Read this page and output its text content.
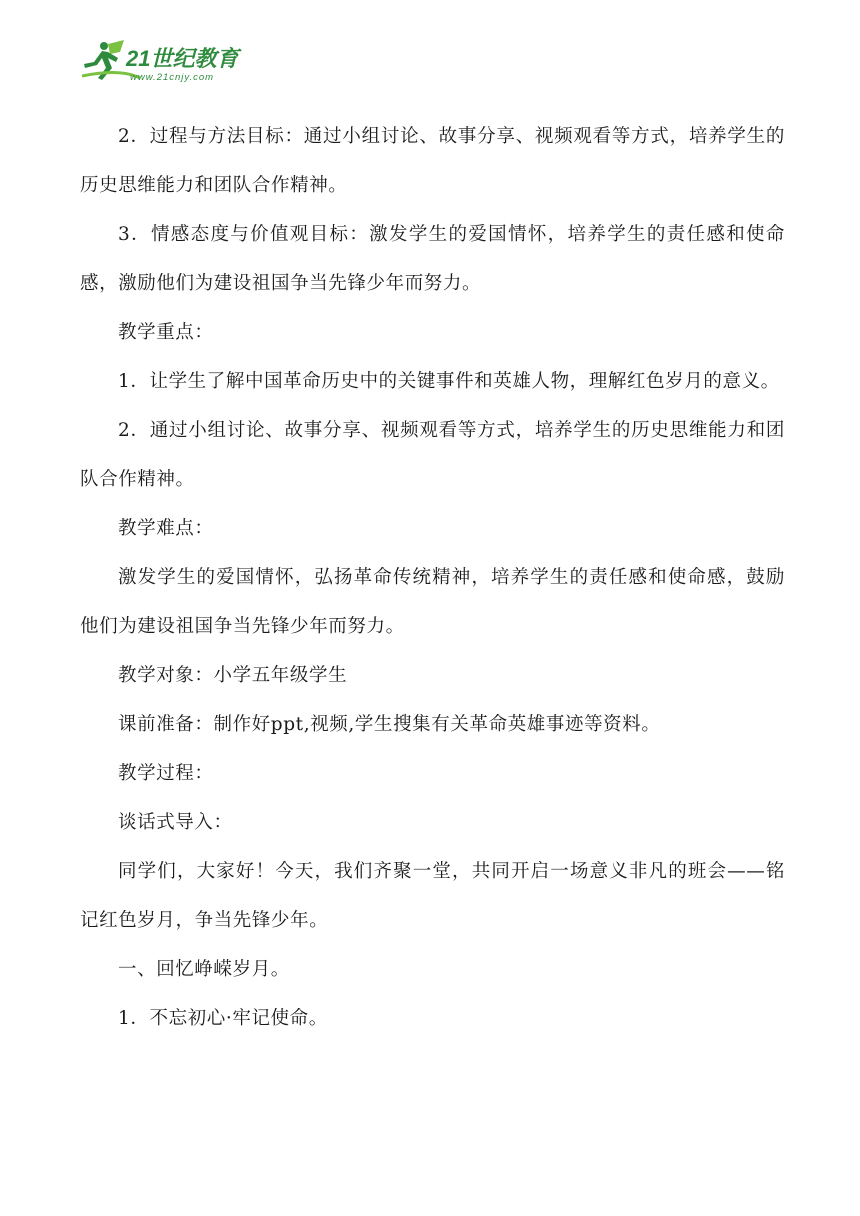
21世纪教育
www.21cnjy.com

2．过程与方法目标：通过小组讨论、故事分享、视频观看等方式，培养学生的历史思维能力和团队合作精神。

3．情感态度与价值观目标：激发学生的爱国情怀，培养学生的责任感和使命感，激励他们为建设祖国争当先锋少年而努力。

教学重点：

1．让学生了解中国革命历史中的关键事件和英雄人物，理解红色岁月的意义。

2．通过小组讨论、故事分享、视频观看等方式，培养学生的历史思维能力和团队合作精神。

教学难点：

激发学生的爱国情怀，弘扬革命传统精神，培养学生的责任感和使命感，鼓励他们为建设祖国争当先锋少年而努力。

教学对象：小学五年级学生

课前准备：制作好ppt,视频,学生搜集有关革命英雄事迹等资料。

教学过程：

谈话式导入：

同学们，大家好！今天，我们齐聚一堂，共同开启一场意义非凡的班会——铭记红色岁月，争当先锋少年。

一、回忆峥嵘岁月。

1．不忘初心·牢记使命。
